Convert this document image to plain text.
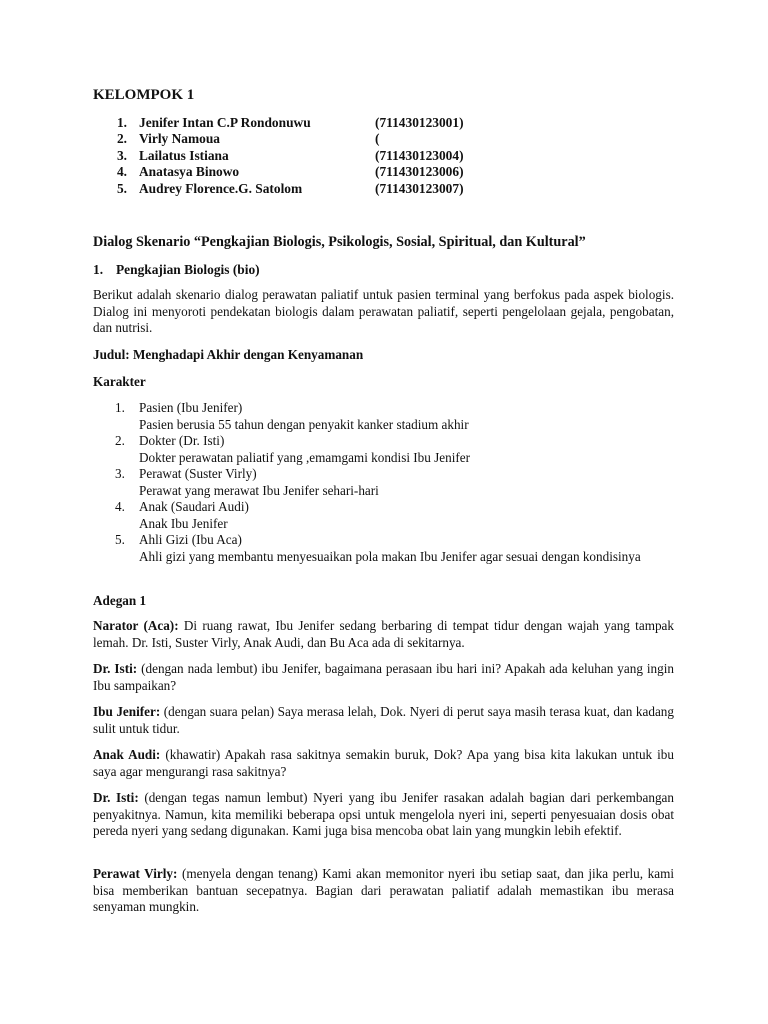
KELOMPOK 1
1. Jenifer Intan C.P Rondonuwu	(711430123001)
2. Virly Namoua	(
3. Lailatus Istiana	(711430123004)
4. Anatasya Binowo	(711430123006)
5. Audrey Florence.G. Satolom	(711430123007)
Dialog Skenario “Pengkajian Biologis, Psikologis, Sosial, Spiritual, dan Kultural”
1. Pengkajian Biologis (bio)
Berikut adalah skenario dialog perawatan paliatif untuk pasien terminal yang berfokus pada aspek biologis. Dialog ini menyoroti pendekatan biologis dalam perawatan paliatif, seperti pengelolaan gejala, pengobatan, dan nutrisi.
Judul: Menghadapi Akhir dengan Kenyamanan
Karakter
1. Pasien (Ibu Jenifer)
Pasien berusia 55 tahun dengan penyakit kanker stadium akhir
2. Dokter (Dr. Isti)
Dokter perawatan paliatif yang ,emamgami kondisi Ibu Jenifer
3. Perawat (Suster Virly)
Perawat yang merawat Ibu Jenifer sehari-hari
4. Anak (Saudari Audi)
Anak Ibu Jenifer
5. Ahli Gizi (Ibu Aca)
Ahli gizi yang membantu menyesuaikan pola makan Ibu Jenifer agar sesuai dengan kondisinya
Adegan 1
Narator (Aca): Di ruang rawat, Ibu Jenifer sedang berbaring di tempat tidur dengan wajah yang tampak lemah. Dr. Isti, Suster Virly, Anak Audi, dan Bu Aca ada di sekitarnya.
Dr. Isti: (dengan nada lembut) ibu Jenifer, bagaimana perasaan ibu hari ini? Apakah ada keluhan yang ingin Ibu sampaikan?
Ibu Jenifer: (dengan suara pelan) Saya merasa lelah, Dok. Nyeri di perut saya masih terasa kuat, dan kadang sulit untuk tidur.
Anak Audi: (khawatir) Apakah rasa sakitnya semakin buruk, Dok? Apa yang bisa kita lakukan untuk ibu saya agar mengurangi rasa sakitnya?
Dr. Isti: (dengan tegas namun lembut) Nyeri yang ibu Jenifer rasakan adalah bagian dari perkembangan penyakitnya. Namun, kita memiliki beberapa opsi untuk mengelola nyeri ini, seperti penyesuaian dosis obat pereda nyeri yang sedang digunakan. Kami juga bisa mencoba obat lain yang mungkin lebih efektif.
Perawat Virly: (menyela dengan tenang) Kami akan memonitor nyeri ibu setiap saat, dan jika perlu, kami bisa memberikan bantuan secepatnya. Bagian dari perawatan paliatif adalah memastikan ibu merasa senyaman mungkin.
